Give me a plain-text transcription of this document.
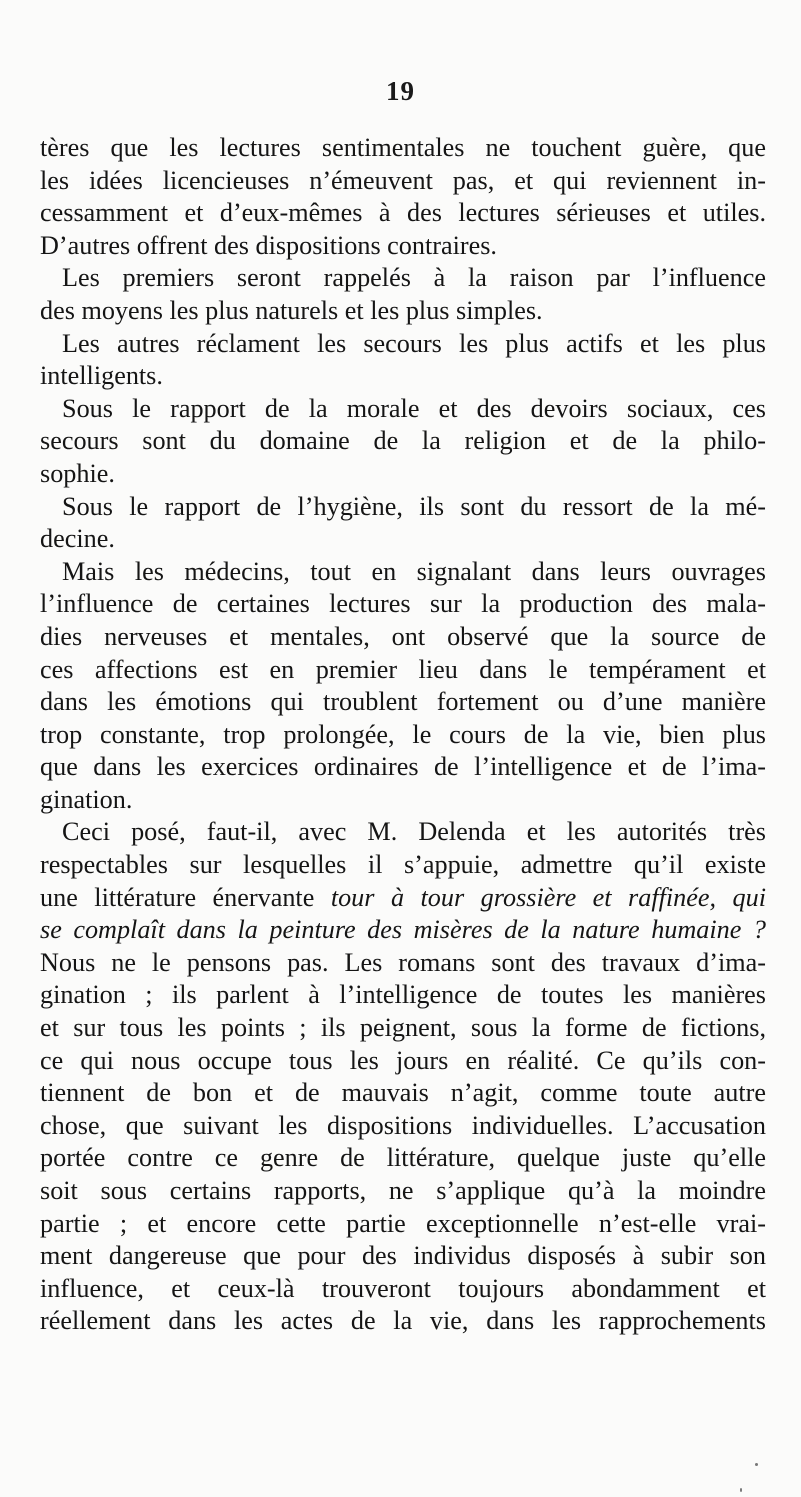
19
tères que les lectures sentimentales ne touchent guère, que
les idées licencieuses n’émeuvent pas, et qui reviennent in-
cessamment et d’eux-mêmes à des lectures sérieuses et utiles.
D’autres offrent des dispositions contraires.
Les premiers seront rappelés à la raison par l’influence
des moyens les plus naturels et les plus simples.
Les autres réclament les secours les plus actifs et les plus
intelligents.
Sous le rapport de la morale et des devoirs sociaux, ces
secours sont du domaine de la religion et de la philo-
sophie.
Sous le rapport de l’hygiène, ils sont du ressort de la mé-
decine.
Mais les médecins, tout en signalant dans leurs ouvrages
l’influence de certaines lectures sur la production des mala-
dies nerveuses et mentales, ont observé que la source de
ces affections est en premier lieu dans le tempérament et
dans les émotions qui troublent fortement ou d’une manière
trop constante, trop prolongée, le cours de la vie, bien plus
que dans les exercices ordinaires de l’intelligence et de l’ima-
gination.
Ceci posé, faut-il, avec M. Delenda et les autorités très
respectables sur lesquelles il s’appuie, admettre qu’il existe
une littérature énervante tour à tour grossière et raffinée, qui
se complaît dans la peinture des misères de la nature humaine ?
Nous ne le pensons pas. Les romans sont des travaux d’ima-
gination ; ils parlent à l’intelligence de toutes les manières
et sur tous les points ; ils peignent, sous la forme de fictions,
ce qui nous occupe tous les jours en réalité. Ce qu’ils con-
tiennent de bon et de mauvais n’agit, comme toute autre
chose, que suivant les dispositions individuelles. L’accusation
portée contre ce genre de littérature, quelque juste qu’elle
soit sous certains rapports, ne s’applique qu’à la moindre
partie ; et encore cette partie exceptionnelle n’est-elle vrai-
ment dangereuse que pour des individus disposés à subir son
influence, et ceux-là trouveront toujours abondamment et
réellement dans les actes de la vie, dans les rapprochements
